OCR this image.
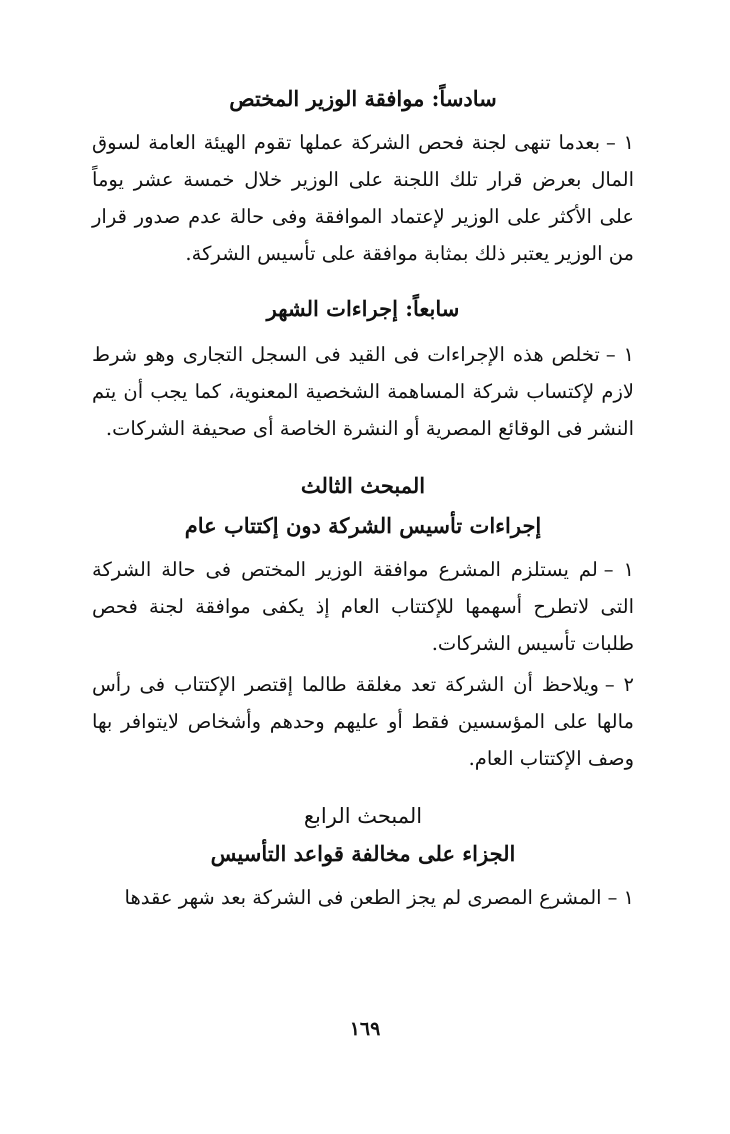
سادساً: موافقة الوزير المختص

١ –بعدما تنهى لجنة فحص الشركة عملها تقوم الهيئة العامة لسوق المال بعرض قرار تلك اللجنة على الوزير خلال خمسة عشر يوماً على الأكثر على الوزير لإعتماد الموافقة وفى حالة عدم صدور قرار من الوزير يعتبر ذلك بمثابة موافقة على تأسيس الشركة.

سابعاً: إجراءات الشهر

١ –تخلص هذه الإجراءات فى القيد فى السجل التجارى وهو شرط لازم لإكتساب شركة المساهمة الشخصية المعنوية، كما يجب أن يتم النشر فى الوقائع المصرية أو النشرة الخاصة أى صحيفة الشركات.

المبحث الثالث
إجراءات تأسيس الشركة دون إكتتاب عام

١ –لم يستلزم المشرع موافقة الوزير المختص فى حالة الشركة التى لاتطرح أسهمها للإكتتاب العام إذ يكفى موافقة لجنة فحص طلبات تأسيس الشركات.

٢ –ويلاحظ أن الشركة تعد مغلقة طالما إقتصر الإكتتاب فى رأس مالها على المؤسسين فقط أو عليهم وحدهم وأشخاص لايتوافر بها وصف الإكتتاب العام.

المبحث الرابع
الجزاء على مخالفة قواعد التأسيس

١ –المشرع المصرى لم يجز الطعن فى الشركة بعد شهر عقدها

١٦٩
